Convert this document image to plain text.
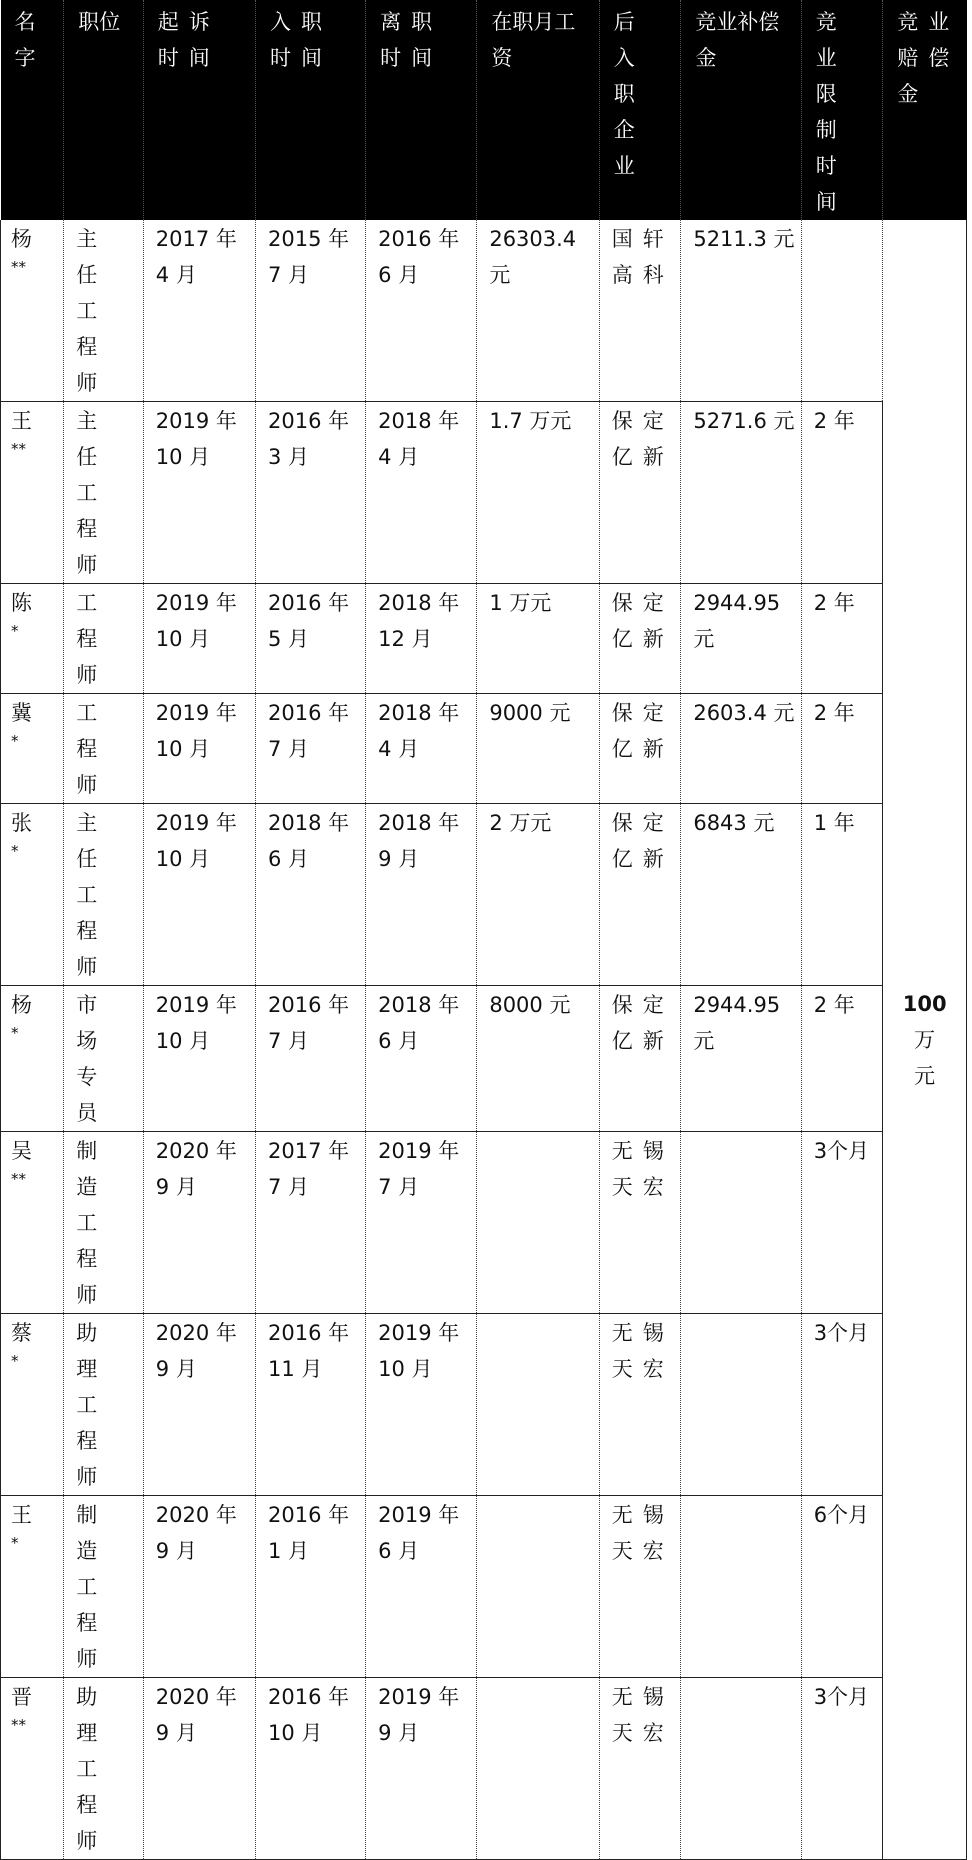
名字	职位	起诉时间	入职时间	离职时间	在职月工资	后入职企业	竞业补偿金	竞业限制时间	竞业赔偿金
杨
**	主任工程师	2017 年 4 月	2015 年 7 月	2016 年 6 月	26303.4 元	国轩高科	5211.3 元		100 万
元
王
**	主任工程师	2019 年 10 月	2016 年 3 月	2018 年 4 月	1.7 万元	保定亿新	5271.6 元	2 年	
陈
*	工程师	2019 年 10 月	2016 年 5 月	2018 年 12 月	1 万元	保定亿新	2944.95 元	2 年	
冀
*	工程师	2019 年 10 月	2016 年 7 月	2018 年 4 月	9000 元	保定亿新	2603.4 元	2 年	
张
*	主任工程师	2019 年 10 月	2018 年 6 月	2018 年 9 月	2 万元	保定亿新	6843 元	1 年	
杨
*	市场专员	2019 年 10 月	2016 年 7 月	2018 年 6 月	8000 元	保定亿新	2944.95 元	2 年	
吴
**	制造工程师	2020 年 9 月	2017 年 7 月	2019 年 7 月		无锡天宏		3个月	
蔡
*	助理工程师	2020 年 9 月	2016 年 11 月	2019 年 10 月		无锡天宏		3个月	
王
*	制造工程师	2020 年 9 月	2016 年 1 月	2019 年 6 月		无锡天宏		6个月	
晋
**	助理工程师	2020 年 9 月	2016 年 10 月	2019 年 9 月		无锡天宏		3个月	
